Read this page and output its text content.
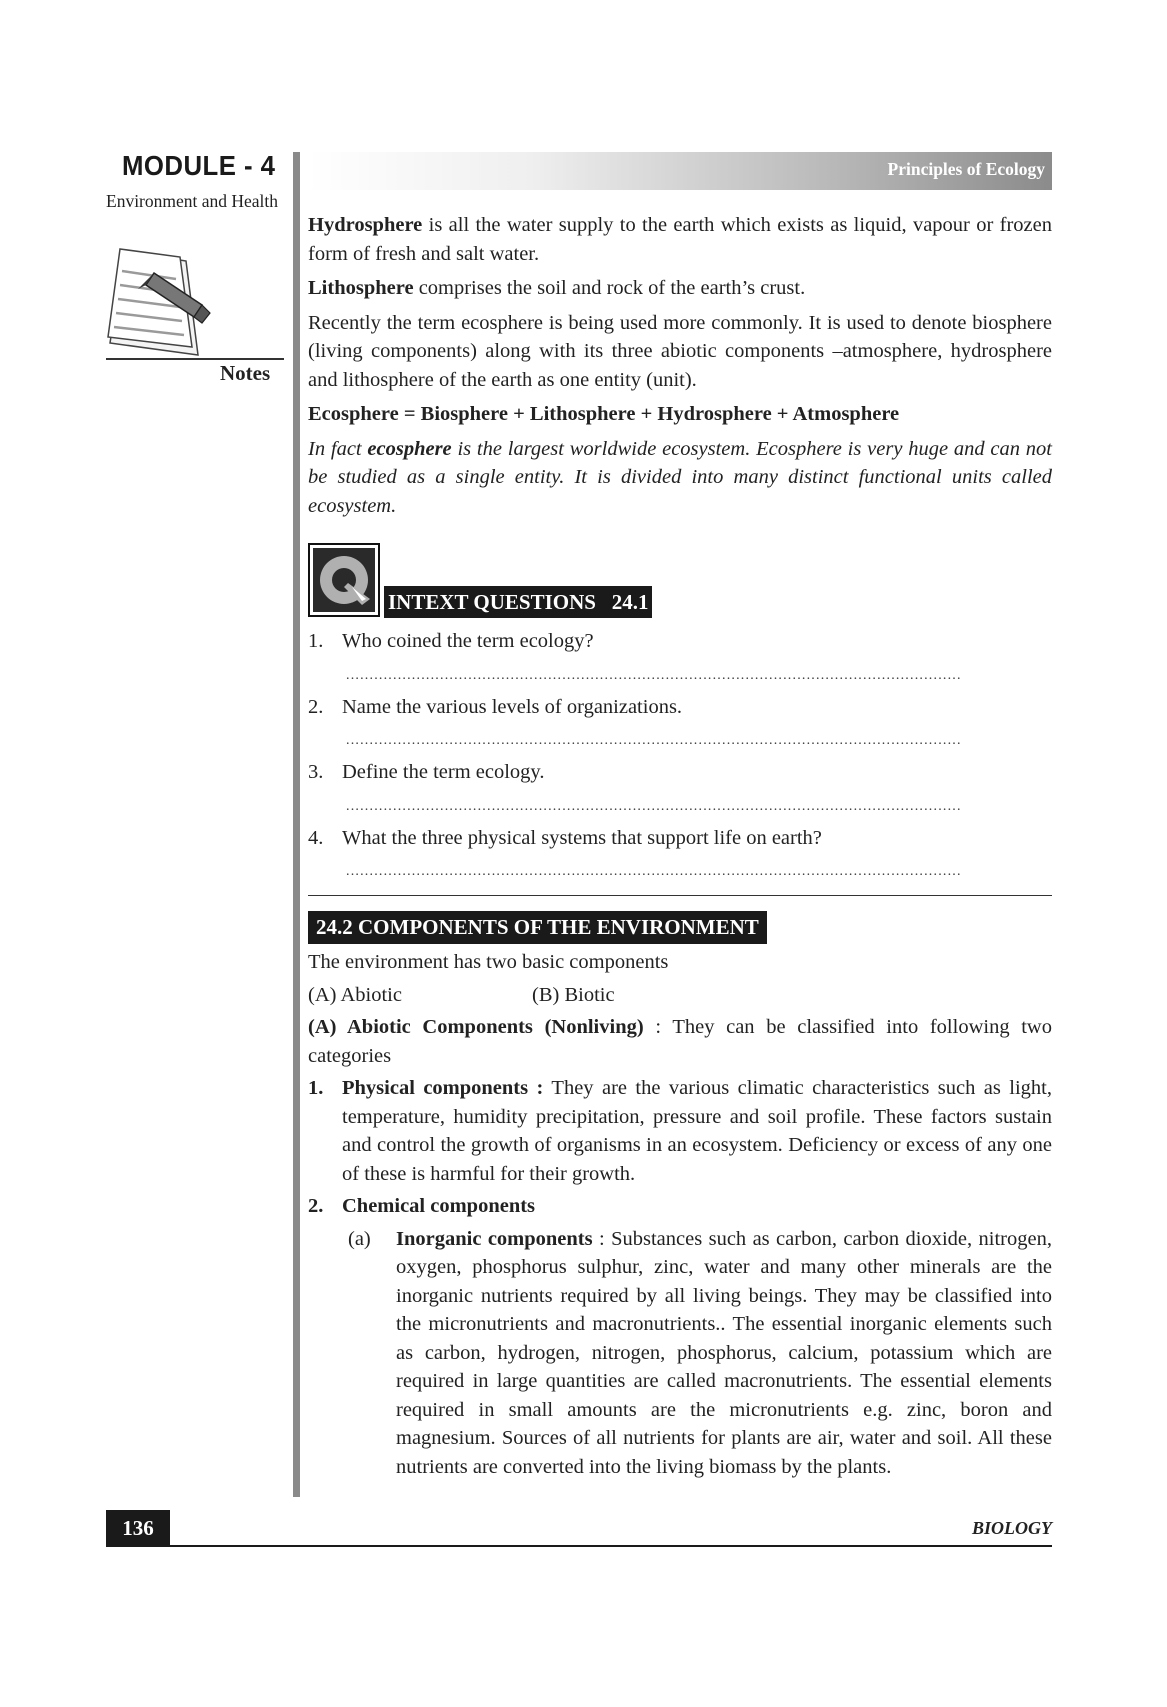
MODULE - 4
Environment and Health
Notes
Principles of Ecology

Hydrosphere is all the water supply to the earth which exists as liquid, vapour or frozen form of fresh and salt water.

Lithosphere comprises the soil and rock of the earth’s crust.

Recently the term ecosphere is being used more commonly. It is used to denote biosphere (living components) along with its three abiotic components –atmosphere, hydrosphere and lithosphere of the earth as one entity (unit).

Ecosphere = Biosphere + Lithosphere + Hydrosphere + Atmosphere

In fact ecosphere is the largest worldwide ecosystem. Ecosphere is very huge and can not be studied as a single entity. It is divided into many distinct functional units called ecosystem.

INTEXT QUESTIONS   24.1
1. Who coined the term ecology?
...................................................................................................................................
2. Name the various levels of organizations.
...................................................................................................................................
3. Define the term ecology.
...................................................................................................................................
4. What the three physical systems that support life on earth?
...................................................................................................................................
24.2 COMPONENTS OF THE ENVIRONMENT

The environment has two basic components

(A) Abiotic	(B) Biotic

(A) Abiotic Components (Nonliving) : They can be classified into following two categories

1. Physical components : They are the various climatic characteristics such as light, temperature, humidity precipitation, pressure and soil profile. These factors sustain and control the growth of organisms in an ecosystem. Deficiency or excess of any one of these is harmful for their growth.
2. Chemical components
(a)	Inorganic components : Substances such as carbon, carbon dioxide, nitrogen, oxygen, phosphorus sulphur, zinc, water and many other minerals are the inorganic nutrients required by all living beings. They may be classified into the micronutrients and macronutrients.. The essential inorganic elements such as carbon, hydrogen, nitrogen, phosphorus, calcium, potassium which are required in large quantities are called macronutrients. The essential elements required in small amounts are the micronutrients e.g. zinc, boron and magnesium. Sources of all nutrients for plants are air, water and soil. All these nutrients are converted into the living biomass by the plants.
136	BIOLOGY
